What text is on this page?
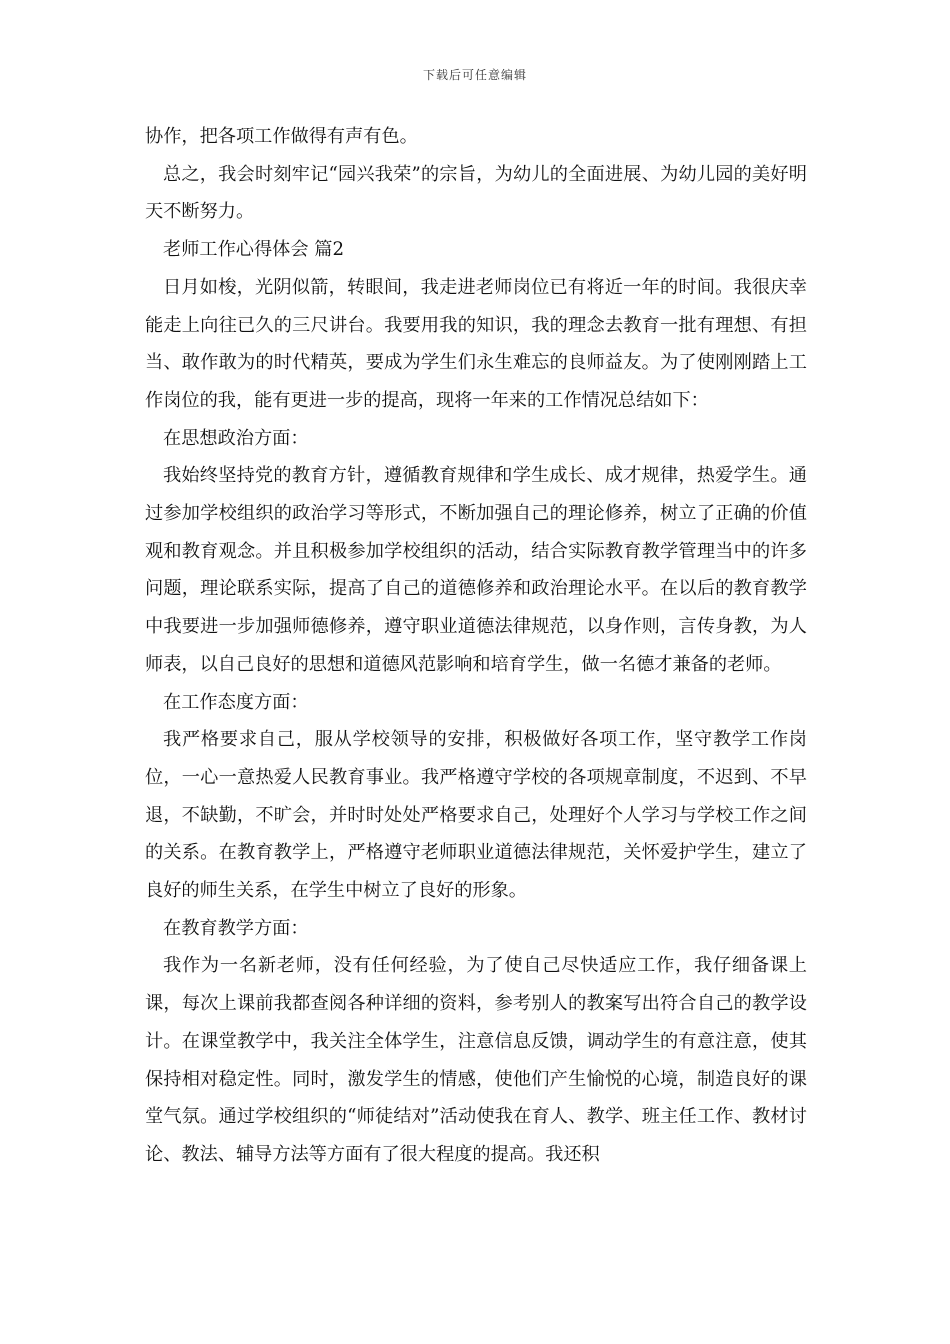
下载后可任意编辑

协作，把各项工作做得有声有色。

总之，我会时刻牢记“园兴我荣”的宗旨，为幼儿的全面进展、为幼儿园的美好明天不断努力。

老师工作心得体会 篇2

日月如梭，光阴似箭，转眼间，我走进老师岗位已有将近一年的时间。我很庆幸能走上向往已久的三尺讲台。我要用我的知识，我的理念去教育一批有理想、有担当、敢作敢为的时代精英，要成为学生们永生难忘的良师益友。为了使刚刚踏上工作岗位的我，能有更进一步的提高，现将一年来的工作情况总结如下：

在思想政治方面：

我始终坚持党的教育方针，遵循教育规律和学生成长、成才规律，热爱学生。通过参加学校组织的政治学习等形式，不断加强自己的理论修养，树立了正确的价值观和教育观念。并且积极参加学校组织的活动，结合实际教育教学管理当中的许多问题，理论联系实际，提高了自己的道德修养和政治理论水平。在以后的教育教学中我要进一步加强师德修养，遵守职业道德法律规范，以身作则，言传身教，为人师表，以自己良好的思想和道德风范影响和培育学生，做一名德才兼备的老师。

在工作态度方面：

我严格要求自己，服从学校领导的安排，积极做好各项工作，坚守教学工作岗位，一心一意热爱人民教育事业。我严格遵守学校的各项规章制度，不迟到、不早退，不缺勤，不旷会，并时时处处严格要求自己，处理好个人学习与学校工作之间的关系。在教育教学上，严格遵守老师职业道德法律规范，关怀爱护学生，建立了良好的师生关系，在学生中树立了良好的形象。

在教育教学方面：

我作为一名新老师，没有任何经验，为了使自己尽快适应工作，我仔细备课上课，每次上课前我都查阅各种详细的资料，参考别人的教案写出符合自己的教学设计。在课堂教学中，我关注全体学生，注意信息反馈，调动学生的有意注意，使其保持相对稳定性。同时，激发学生的情感，使他们产生愉悦的心境，制造良好的课堂气氛。通过学校组织的“师徒结对”活动使我在育人、教学、班主任工作、教材讨论、教法、辅导方法等方面有了很大程度的提高。我还积
